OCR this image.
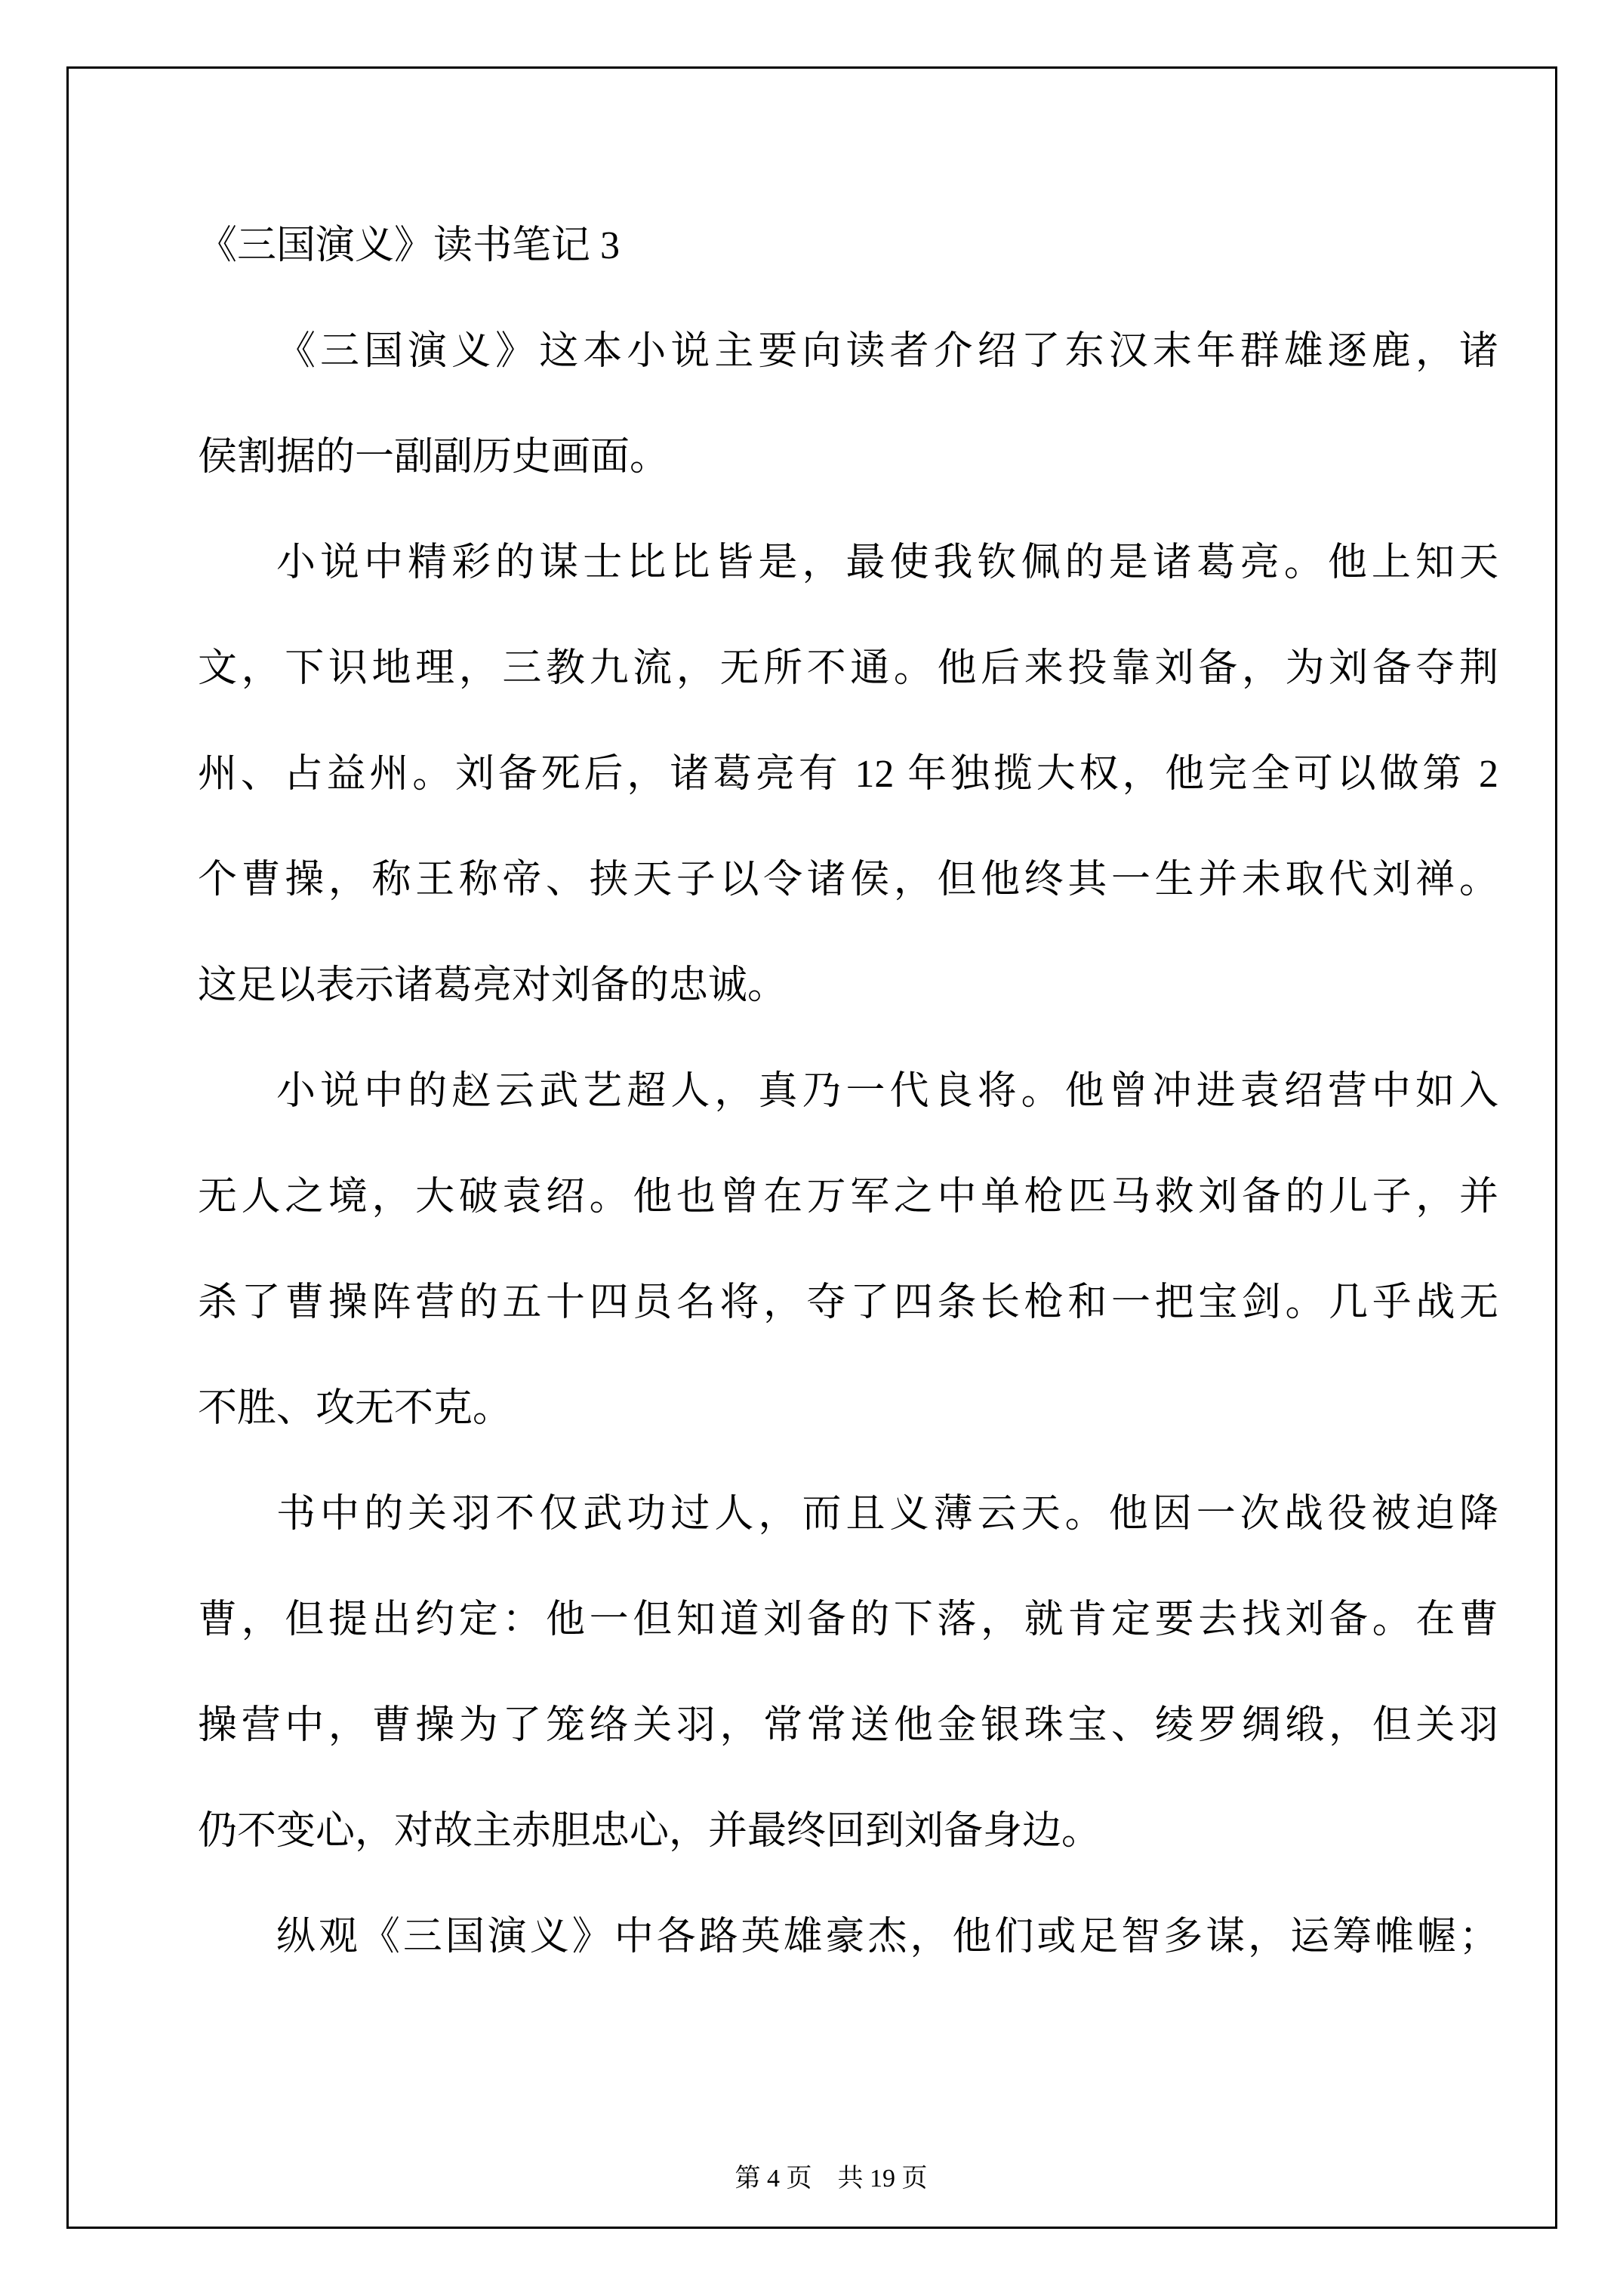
《三国演义》读书笔记 3
《三国演义》这本小说主要向读者介绍了东汉末年群雄逐鹿，诸
侯割据的一副副历史画面。
小说中精彩的谋士比比皆是，最使我钦佩的是诸葛亮。他上知天
文，下识地理，三教九流，无所不通。他后来投靠刘备，为刘备夺荆
州、占益州。刘备死后，诸葛亮有 12 年独揽大权，他完全可以做第 2
个曹操，称王称帝、挟天子以令诸侯，但他终其一生并未取代刘禅。
这足以表示诸葛亮对刘备的忠诚。
小说中的赵云武艺超人，真乃一代良将。他曾冲进袁绍营中如入
无人之境，大破袁绍。他也曾在万军之中单枪匹马救刘备的儿子，并
杀了曹操阵营的五十四员名将，夺了四条长枪和一把宝剑。几乎战无
不胜、攻无不克。
书中的关羽不仅武功过人，而且义薄云天。他因一次战役被迫降
曹，但提出约定：他一但知道刘备的下落，就肯定要去找刘备。在曹
操营中，曹操为了笼络关羽，常常送他金银珠宝、绫罗绸缎，但关羽
仍不变心，对故主赤胆忠心，并最终回到刘备身边。
纵观《三国演义》中各路英雄豪杰，他们或足智多谋，运筹帷幄；

第 4 页　共 19 页
